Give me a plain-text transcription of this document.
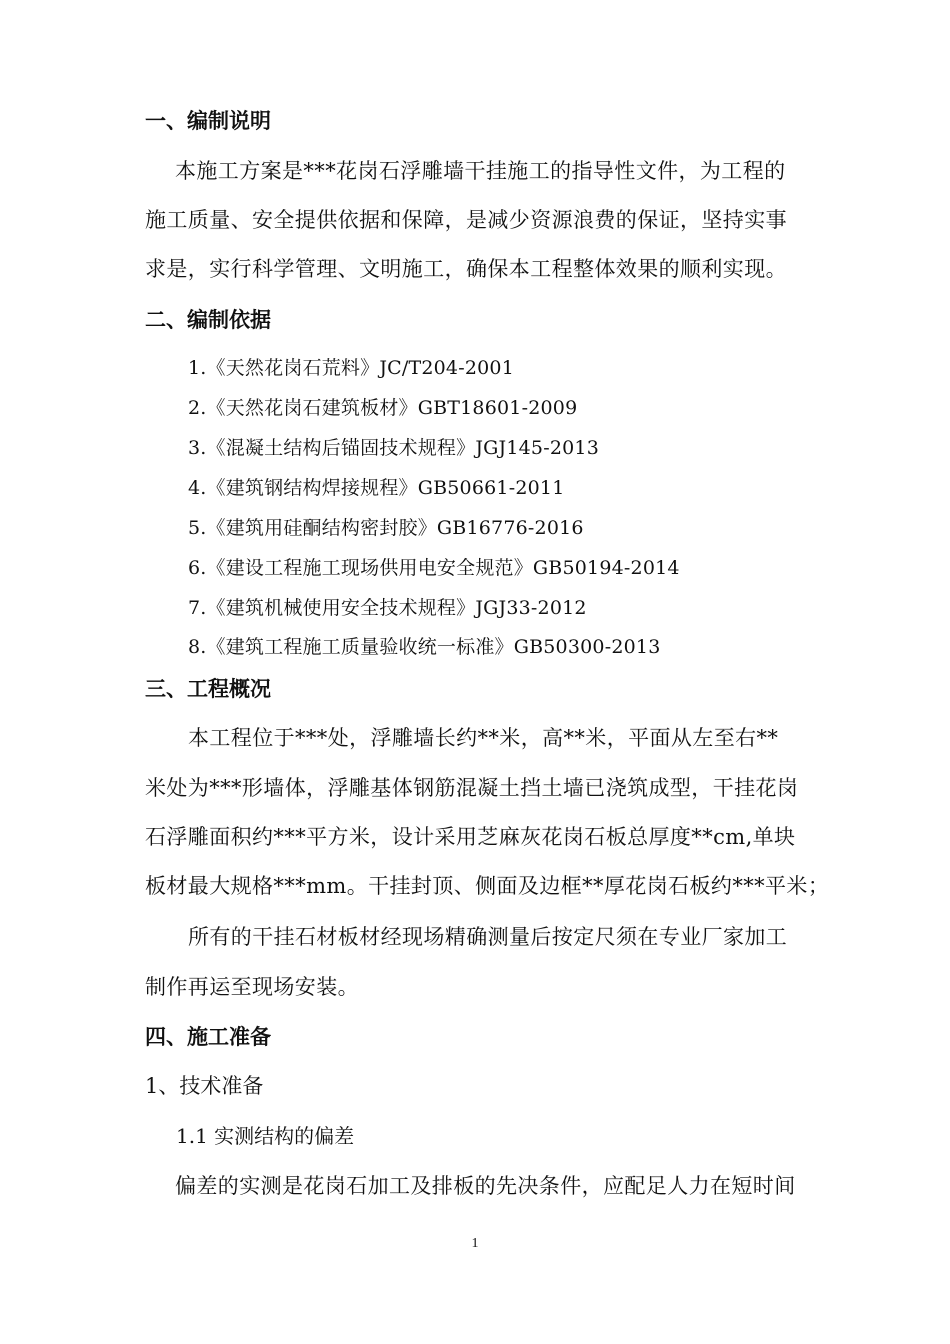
一、编制说明
本施工方案是***花岗石浮雕墙干挂施工的指导性文件，为工程的
施工质量、安全提供依据和保障，是减少资源浪费的保证，坚持实事
求是，实行科学管理、文明施工，确保本工程整体效果的顺利实现。
二、编制依据
1.《天然花岗石荒料》JC/T204-2001
2.《天然花岗石建筑板材》GBT18601-2009
3.《混凝土结构后锚固技术规程》JGJ145-2013
4.《建筑钢结构焊接规程》GB50661-2011
5.《建筑用硅酮结构密封胶》GB16776-2016
6.《建设工程施工现场供用电安全规范》GB50194-2014
7.《建筑机械使用安全技术规程》JGJ33-2012
8.《建筑工程施工质量验收统一标准》GB50300-2013
三、工程概况
本工程位于***处，浮雕墙长约**米，高**米，平面从左至右**
米处为***形墙体，浮雕基体钢筋混凝土挡土墙已浇筑成型，干挂花岗
石浮雕面积约***平方米，设计采用芝麻灰花岗石板总厚度**cm,单块
板材最大规格***mm。干挂封顶、侧面及边框**厚花岗石板约***平米；
所有的干挂石材板材经现场精确测量后按定尺须在专业厂家加工
制作再运至现场安装。
四、施工准备
1、技术准备
1.1 实测结构的偏差
偏差的实测是花岗石加工及排板的先决条件，应配足人力在短时间
1
